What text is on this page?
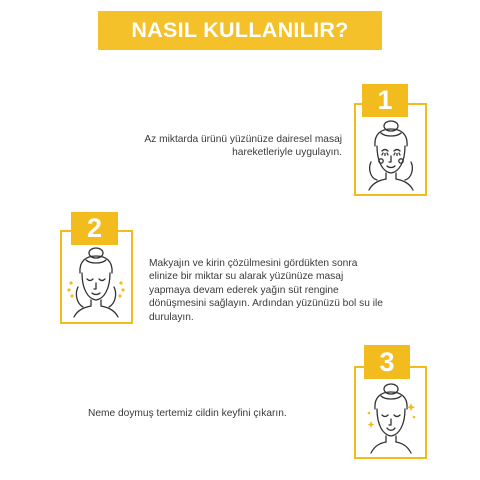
NASIL KULLANILIR?
1
Az miktarda ürünü yüzünüze dairesel masaj
hareketleriyle uygulayın.
2
Makyajın ve kirin çözülmesini gördükten sonra
elinize bir miktar su alarak yüzünüze masaj
yapmaya devam ederek yağın süt rengine
dönüşmesini sağlayın. Ardından yüzünüzü bol su ile
durulayın.
3
Neme doymuş tertemiz cildin keyfini çıkarın.
